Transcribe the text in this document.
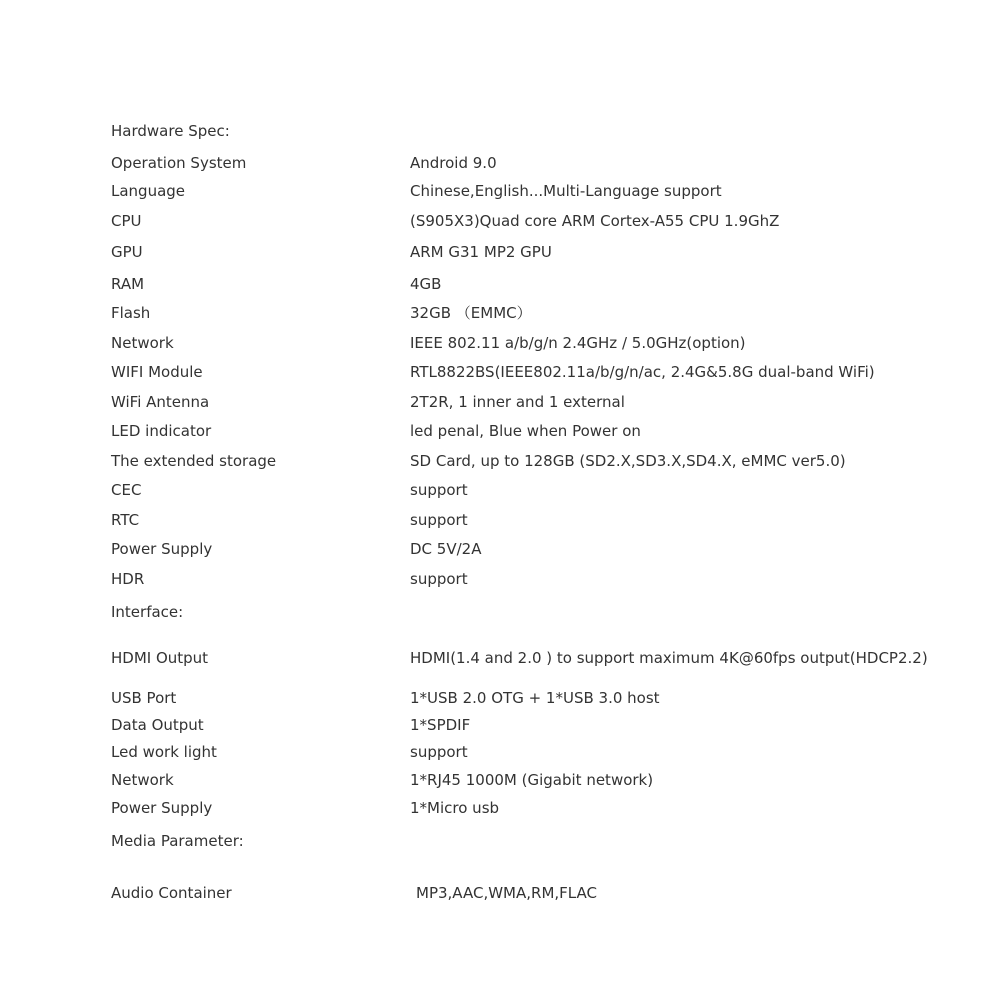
Hardware Spec:
Operation System	Android 9.0
Language	Chinese,English...Multi-Language support
CPU	(S905X3)Quad core ARM Cortex-A55 CPU 1.9GhZ
GPU	ARM G31 MP2 GPU
RAM	4GB
Flash	32GB （EMMC）
Network	IEEE 802.11 a/b/g/n 2.4GHz / 5.0GHz(option)
WIFI Module	RTL8822BS(IEEE802.11a/b/g/n/ac, 2.4G&5.8G dual-band WiFi)
WiFi Antenna	2T2R, 1 inner and 1 external
LED indicator	led penal, Blue when Power on
The extended storage	SD Card, up to 128GB (SD2.X,SD3.X,SD4.X, eMMC ver5.0)
CEC	support
RTC	support
Power Supply	DC 5V/2A
HDR	support
Interface:
HDMI Output	HDMI(1.4 and 2.0 ) to support maximum 4K@60fps output(HDCP2.2)
USB Port	1*USB 2.0 OTG + 1*USB 3.0 host
Data Output	1*SPDIF
Led work light	support
Network	1*RJ45 1000M (Gigabit network)
Power Supply	1*Micro usb
Media Parameter:
Audio Container	MP3,AAC,WMA,RM,FLAC
